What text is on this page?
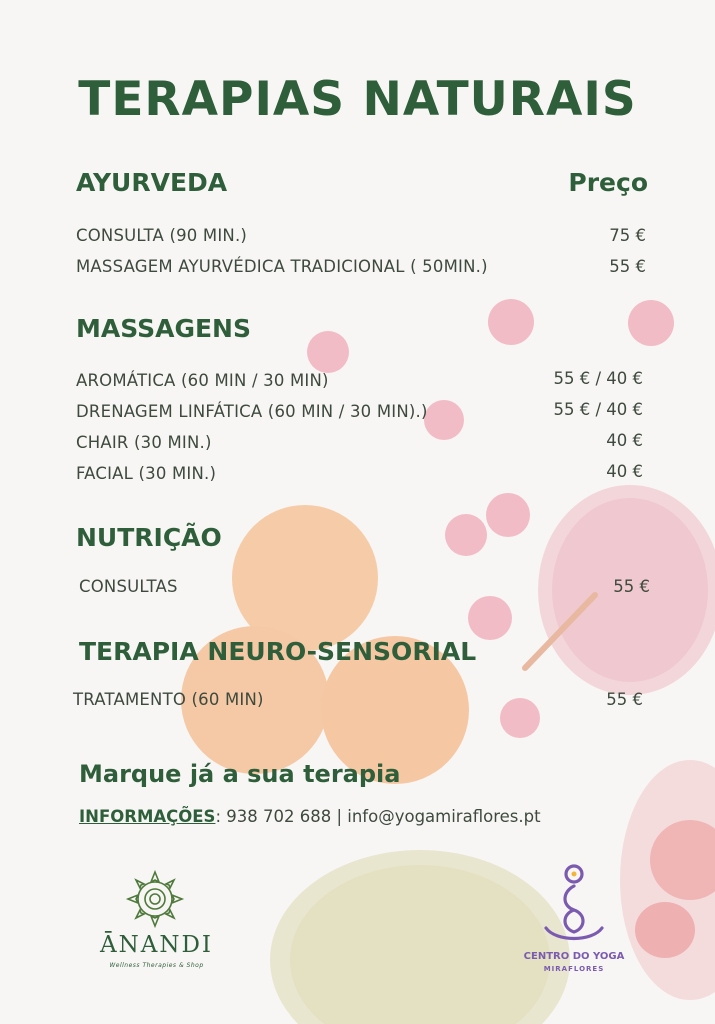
TERAPIAS NATURAIS
AYURVEDA	Preço
CONSULTA (90 MIN.)	75 €
MASSAGEM AYURVÉDICA TRADICIONAL ( 50MIN.)	55 €
MASSAGENS
AROMÁTICA (60 MIN / 30 MIN)	55 € / 40 €
DRENAGEM LINFÁTICA (60 MIN / 30 MIN).)	55 € / 40 €
CHAIR (30 MIN.)	40 €
FACIAL (30 MIN.)	40 €
NUTRIÇÃO
CONSULTAS	55 €
TERAPIA NEURO-SENSORIAL
TRATAMENTO (60 MIN)	55 €
Marque já a sua terapia
INFORMAÇÕES: 938 702 688 | info@yogamiraflores.pt
ĀNANDI
Wellness Therapies & Shop
CENTRO DO YOGA
MIRAFLORES
